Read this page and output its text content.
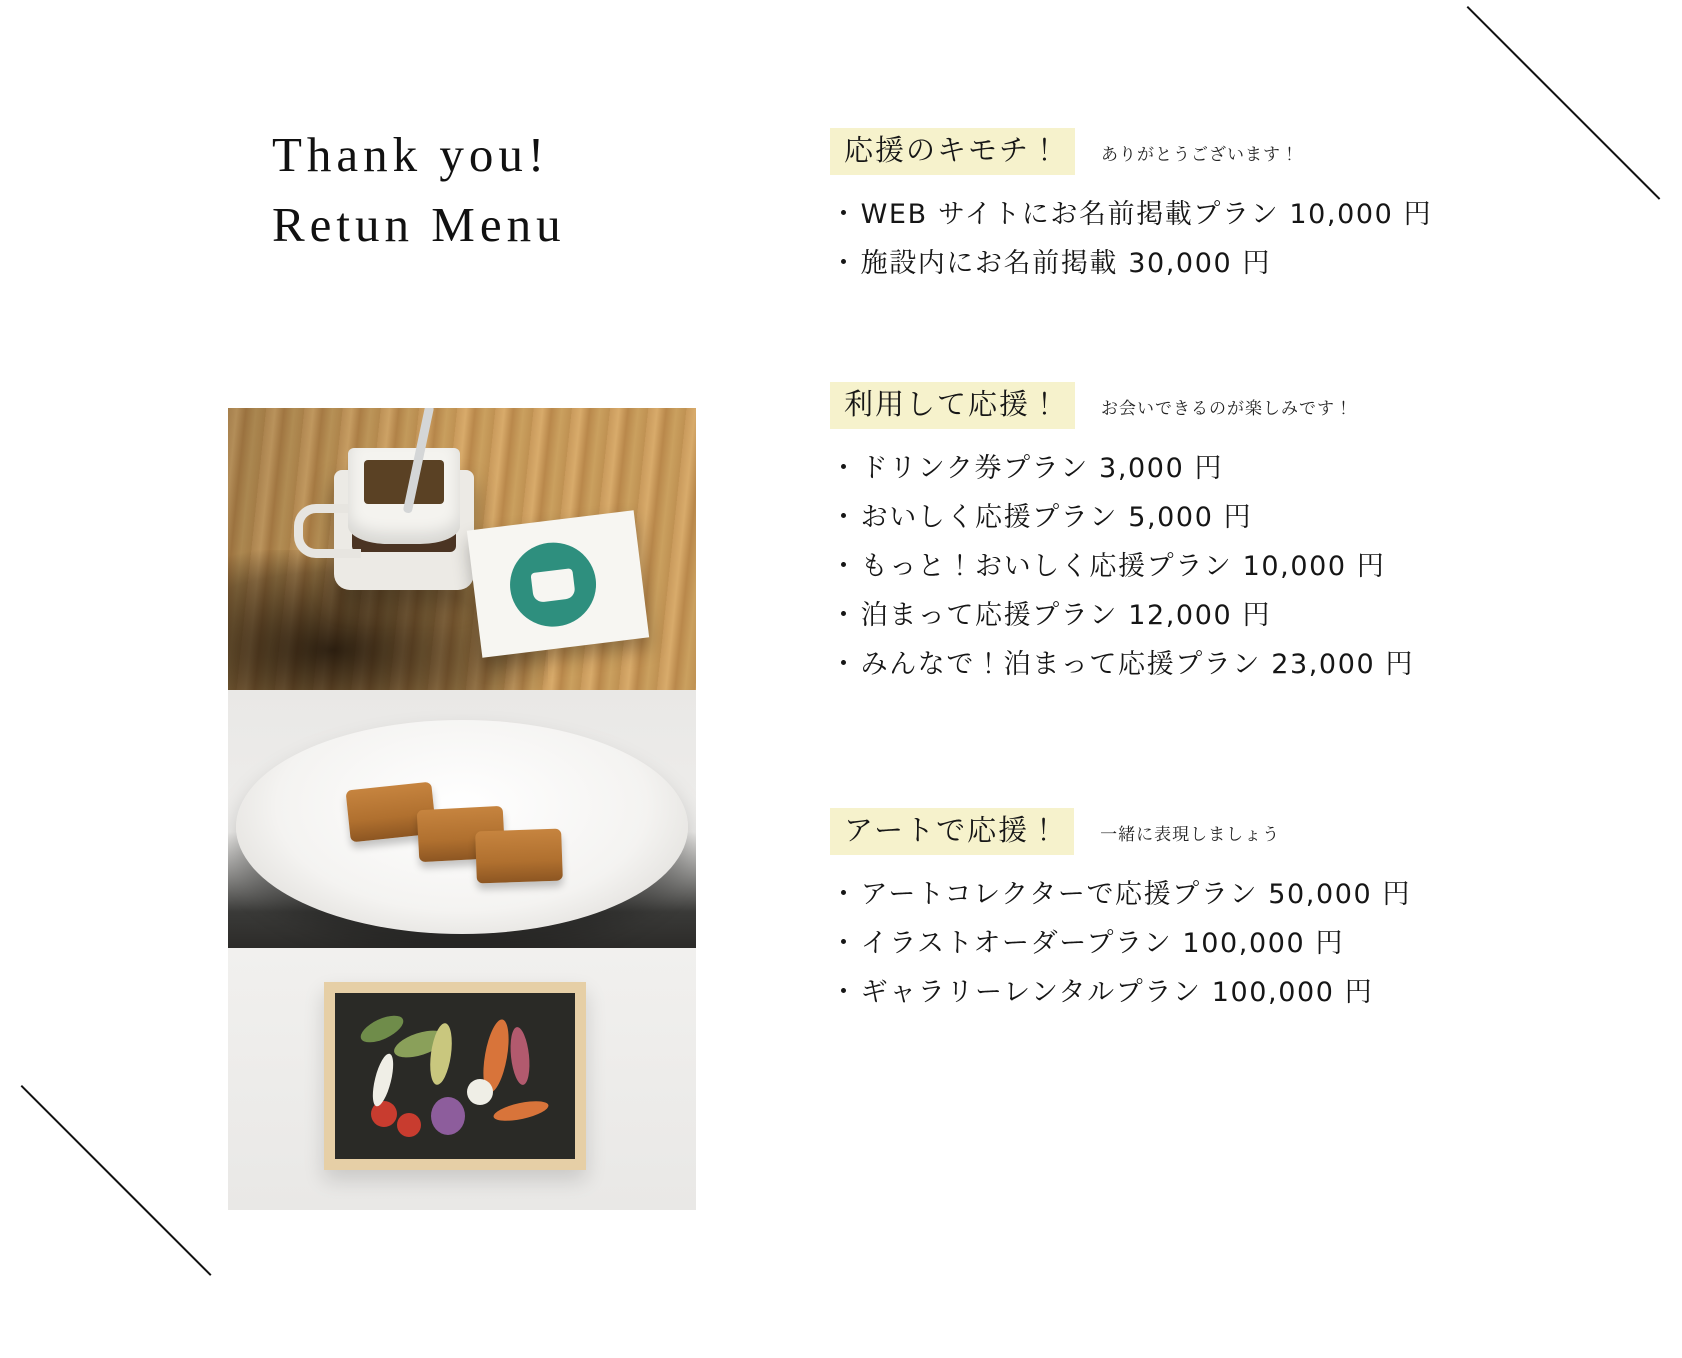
Thank you!
Retun Menu
応援のキモチ！	ありがとうございます！
・ WEB サイトにお名前掲載プラン 10,000 円
・ 施設内にお名前掲載 30,000 円
利用して応援！	お会いできるのが楽しみです！
・ ドリンク券プラン 3,000 円
・ おいしく応援プラン 5,000 円
・ もっと！おいしく応援プラン 10,000 円
・ 泊まって応援プラン 12,000 円
・ みんなで！泊まって応援プラン 23,000 円
アートで応援！	一緒に表現しましょう
・ アートコレクターで応援プラン 50,000 円
・ イラストオーダープラン 100,000 円
・ ギャラリーレンタルプラン 100,000 円
